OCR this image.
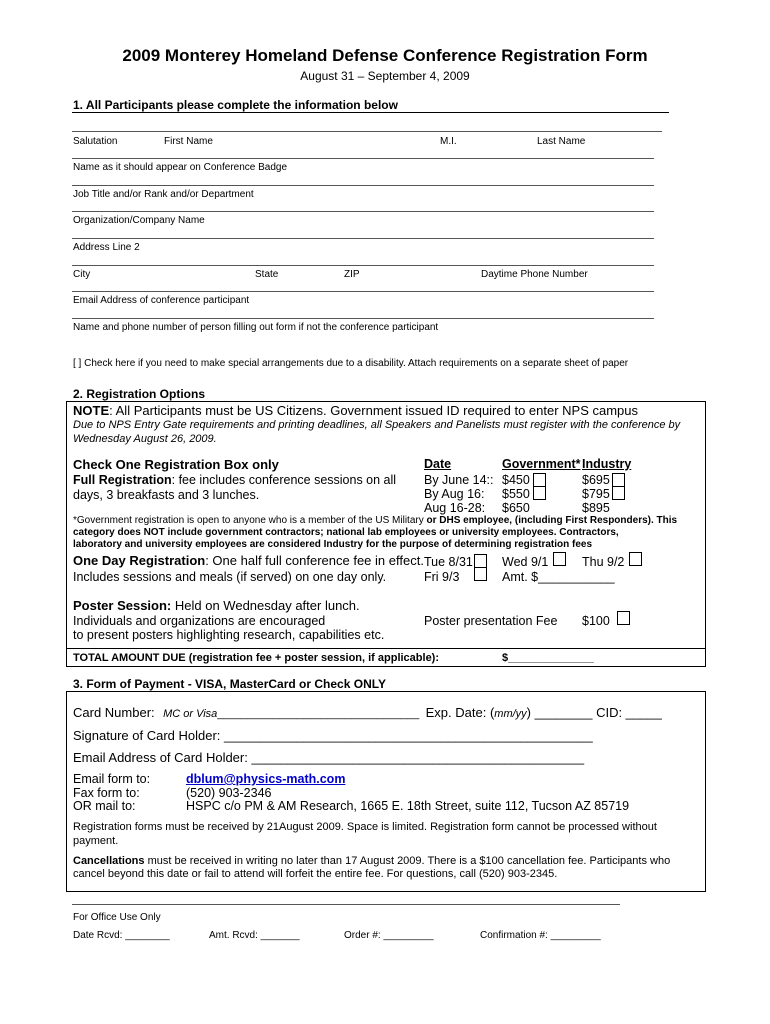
2009 Monterey Homeland Defense Conference Registration Form
August 31 – September 4, 2009
1. All Participants please complete the information below
Salutation	First Name	M.I.	Last Name
Name as it should appear on Conference Badge
Job Title and/or Rank and/or Department
Organization/Company Name
Address Line 2
City	State	ZIP	Daytime Phone Number
Email Address of conference participant
Name and phone number of person filling out form if not the conference participant
[ ] Check here if you need to make special arrangements due to a disability. Attach requirements on a separate sheet of paper
2. Registration Options
NOTE: All Participants must be US Citizens. Government issued ID required to enter NPS campus
Due to NPS Entry Gate requirements and printing deadlines, all Speakers and Panelists must register with the conference by
Wednesday August 26, 2009.
Check One Registration Box only
Full Registration: fee includes conference sessions on all
days, 3 breakfasts and 3 lunches.
Date	Government* Industry
By June 14:: $450	$695
By Aug 16: $550	$795
Aug 16-28: $650	$895
*Government registration is open to anyone who is a member of the US Military or DHS employee, (including First Responders). This
category does NOT include government contractors; national lab employees or university employees. Contractors,
laboratory and university employees are considered Industry for the purpose of determining registration fees
One Day Registration: One half full conference fee in effect.
Includes sessions and meals (if served) on one day only.
Tue 8/31 Wed 9/1	Thu 9/2
Fri 9/3	Amt. $___________
Poster Session: Held on Wednesday after lunch.
Individuals and organizations are encouraged
to present posters highlighting research, capabilities etc.
Poster presentation Fee $100
TOTAL AMOUNT DUE (registration fee + poster session, if applicable):	$______________
3. Form of Payment - VISA, MasterCard or Check ONLY
Card Number: MC or Visa_________________________________ Exp. Date: (mm/yy) ________ CID: _____
Signature of Card Holder: ___________________________________________________
Email Address of Card Holder: ______________________________________________
Email form to:	dblum@physics-math.com
Fax form to:	(520) 903-2346
OR mail to:	HSPC c/o PM & AM Research, 1665 E. 18th Street, suite 112, Tucson AZ 85719
Registration forms must be received by 21August 2009. Space is limited. Registration form cannot be processed without
payment.
Cancellations must be received in writing no later than 17 August 2009. There is a $100 cancellation fee. Participants who
cancel beyond this date or fail to attend will forfeit the entire fee. For questions, call (520) 903-2345.
For Office Use Only
Date Rcvd: ________	Amt. Rcvd: _______	Order #: _________	Confirmation #: _________
